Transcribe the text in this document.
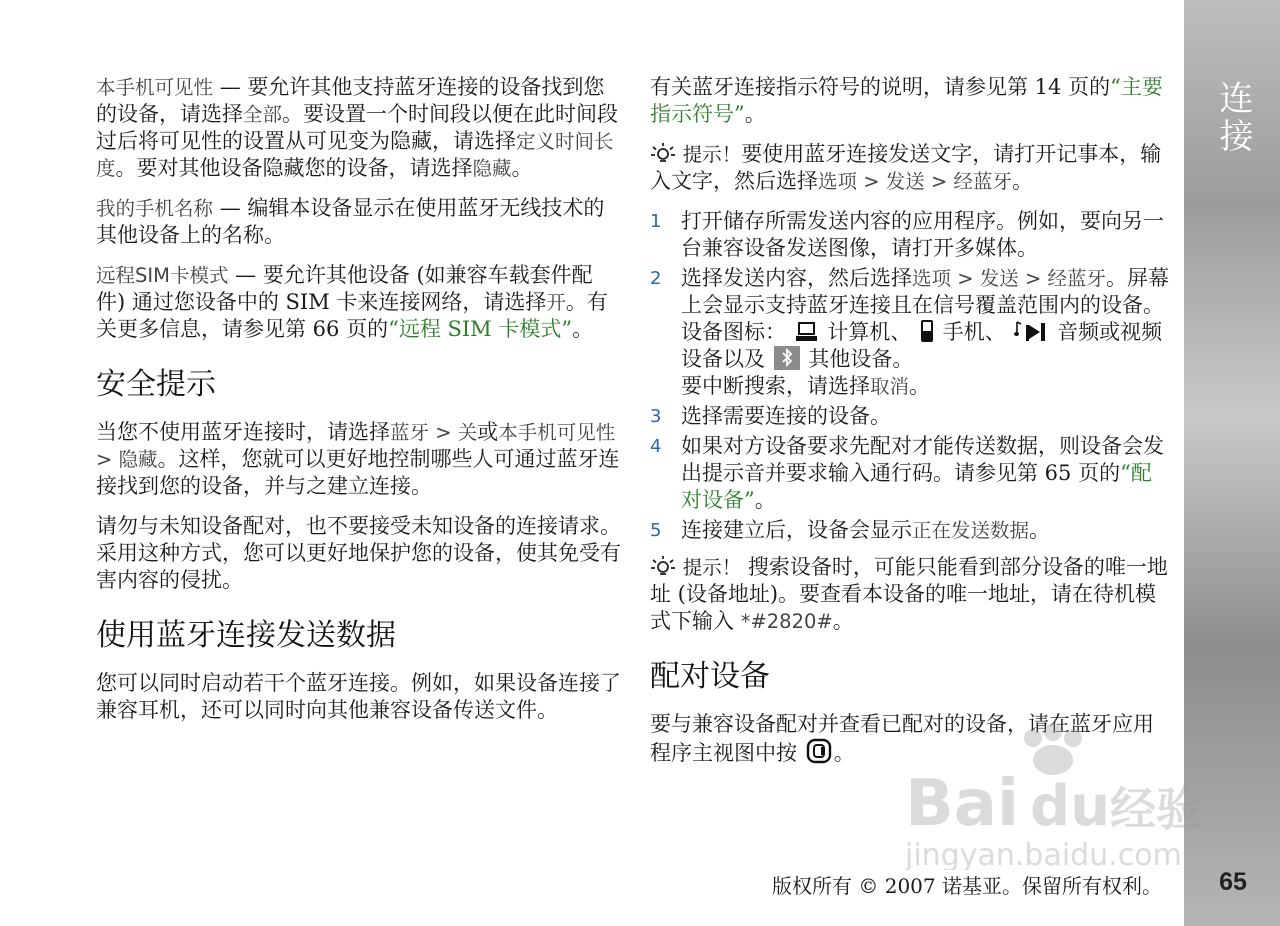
连接

本手机可见性 — 要允许其他支持蓝牙连接的设备找到您的设备，请选择全部。要设置一个时间段以便在此时间段过后将可见性的设置从可见变为隐藏，请选择定义时间长度。要对其他设备隐藏您的设备，请选择隐藏。

我的手机名称 — 编辑本设备显示在使用蓝牙无线技术的其他设备上的名称。

远程SIM卡模式 — 要允许其他设备 (如兼容车载套件配件) 通过您设备中的 SIM 卡来连接网络，请选择开。有关更多信息，请参见第 66 页的“远程 SIM 卡模式”。

安全提示

当您不使用蓝牙连接时，请选择蓝牙 > 关或本手机可见性 > 隐藏。这样，您就可以更好地控制哪些人可通过蓝牙连接找到您的设备，并与之建立连接。

请勿与未知设备配对，也不要接受未知设备的连接请求。采用这种方式，您可以更好地保护您的设备，使其免受有害内容的侵扰。

使用蓝牙连接发送数据

您可以同时启动若干个蓝牙连接。例如，如果设备连接了兼容耳机，还可以同时向其他兼容设备传送文件。

有关蓝牙连接指示符号的说明，请参见第 14 页的“主要指示符号”。

提示！要使用蓝牙连接发送文字，请打开记事本，输入文字，然后选择选项 > 发送 > 经蓝牙。

1 打开储存所需发送内容的应用程序。例如，要向另一台兼容设备发送图像，请打开多媒体。
2 选择发送内容，然后选择选项 > 发送 > 经蓝牙。屏幕上会显示支持蓝牙连接且在信号覆盖范围内的设备。
设备图标： 计算机、 手机、 音频或视频设备以及 其他设备。
要中断搜索，请选择取消。
3 选择需要连接的设备。
4 如果对方设备要求先配对才能传送数据，则设备会发出提示音并要求输入通行码。请参见第 65 页的“配对设备”。
5 连接建立后，设备会显示正在发送数据。

提示！ 搜索设备时，可能只能看到部分设备的唯一地址 (设备地址)。要查看本设备的唯一地址，请在待机模式下输入 *#2820#。

配对设备

要与兼容设备配对并查看已配对的设备，请在蓝牙应用程序主视图中按 。

Bai du 经验
jingyan.baidu.com
版权所有 © 2007 诺基亚。保留所有权利。	65
